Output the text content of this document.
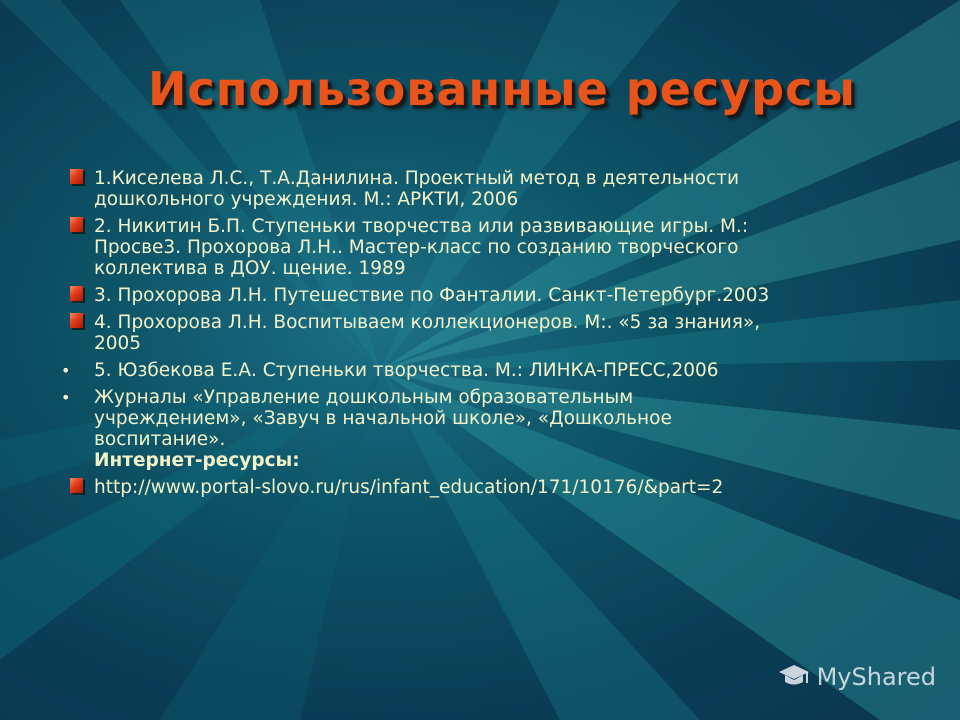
Использованные ресурсы
1.Киселева Л.С., Т.А.Данилина. Проектный метод в деятельности
дошкольного учреждения. М.: АРКТИ, 2006
2. Никитин Б.П. Ступеньки творчества или развивающие игры. М.:
Просве3. Прохорова Л.Н.. Мастер-класс по созданию творческого
коллектива в ДОУ. щение. 1989
3. Прохорова Л.Н. Путешествие по Фанталии. Санкт-Петербург.2003
4. Прохорова Л.Н. Воспитываем коллекционеров. М:. «5 за знания»,
2005
• 5. Юзбекова Е.А. Ступеньки творчества. М.: ЛИНКА-ПРЕСС,2006
• Журналы «Управление дошкольным образовательным
учреждением», «Завуч в начальной школе», «Дошкольное
воспитание».
Интернет-ресурсы:
http://www.portal-slovo.ru/rus/infant_education/171/10176/&part=2
MyShared
